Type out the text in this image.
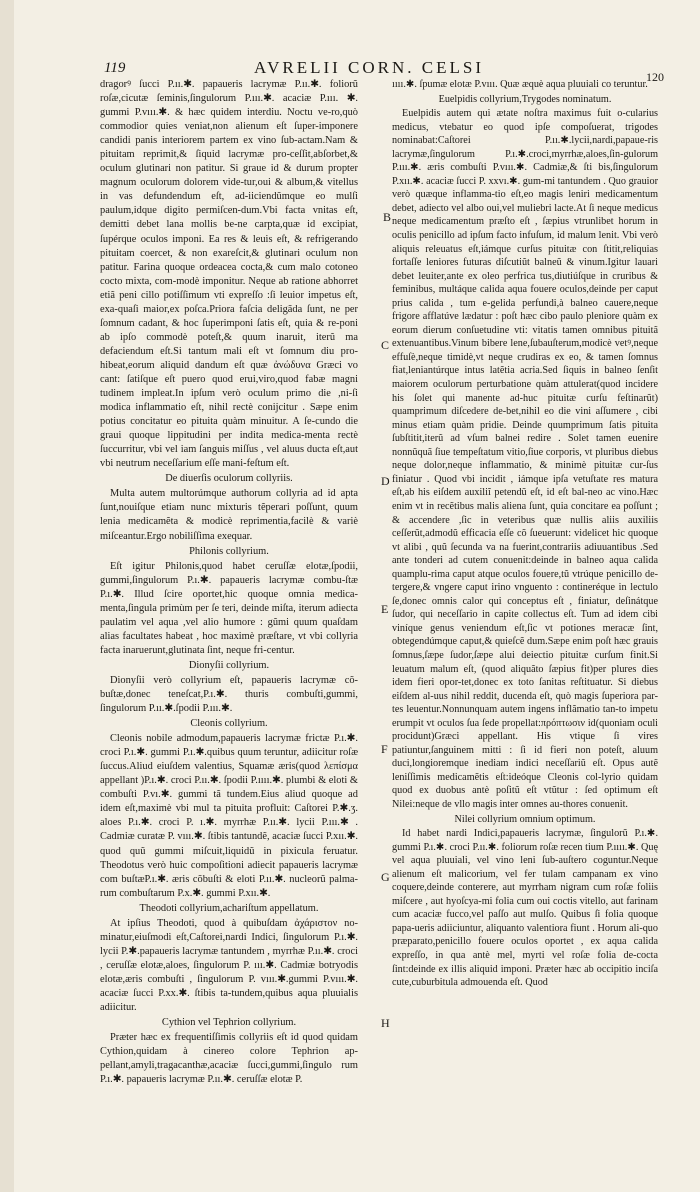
119	AVRELII CORN. CELSI	120

dragorꝰ ſucci P.ıı.✱. papaueris lacrymæ P.ıı.✱. foliorũ roſæ,cicutæ ſeminis,ſingulorum P.ııı.✱. acaciæ P.ııı. ✱. gummi P.vııı.✱. & hæc quidem interdiu. Noctu ve-ro,quò commodior quies veniat,non alienum eſt ſuper-imponere candidi panis interiorem partem ex vino ſub-actam.Nam & pituitam reprimit,& ſiquid lacrymæ pro-ceſſit,abſorbet,& oculum glutinari non patitur. Si graue id & durum propter magnum oculorum dolorem vide-tur,oui & album,& vitellus in vas defundendum eſt, ad-iiciendũmque eo mulſi paulum,idque digito permiſcen-dum.Vbi facta vnitas eſt, demitti debet lana mollis be-ne carpta,quæ id excipiat, ſupérque oculos imponi. Ea res & leuis eſt, & refrigerando pituitam coercet, & non exareſcit,& glutinari oculum non patitur. Farina quoque ordeacea cocta,& cum malo cotoneo cocto mixta, com-modè imponitur. Neque ab ratione abhorret etiã peni cillo potiſſimum vti expreſſo :ſi leuior impetus eſt, exa-quaſi maior,ex poſca.Priora faſcia deligãda ſunt, ne per ſomnum cadant, & hoc ſuperimponi ſatis eſt, quia & re-poni ab ipſo commodè poteſt,& quum inaruit, iterũ ma defaciendum eſt.Si tantum mali eſt vt ſomnum diu pro-hibeat,eorum aliquid dandum eſt quæ ἀνώδυνα Græci vo cant: ſatiſque eſt puero quod erui,viro,quod fabæ magni tudinem impleat.In ipſum verò oculum primo die ,ni-ſi modica inflammatio eſt, nihil rectè conĳcitur . Sæpe enim potius concitatur eo pituita quàm minuitur. A ſe-cundo die graui quoque lippitudini per indita medica-menta rectè ſuccurritur, vbi vel iam ſanguis miſſus , vel aluus ducta eſt,aut vbi neutrum neceſſarium eſſe mani-feſtum eſt.

De diuerſis oculorum collyriis.

Multa autem multorúmque authorum collyria ad id apta ſunt,nouiſque etiam nunc mixturis tẽperari poſſunt, quum lenia medicamẽta & modicè reprimentia,facilè & variè miſceantur.Ergo nobiliſſima exequar.

Philonis collyrium.

Eſt igitur Philonis,quod habet ceruſſæ elotæ,ſpodii, gummi,ſingulorum P.ı.✱. papaueris lacrymæ combu-ſtæ P.ı.✱. Illud ſcire oportet,hic quoque omnia medica-menta,ſingula primùm per ſe teri, deinde miſta, iterum adiecta paulatim vel aqua ,vel alio humore : gũmi quum quaſdam alias facultates habeat , hoc maximè præſtare, vt vbi collyria facta inaruerunt,glutinata ſint, neque fri-centur.

Dionyſii collyrium.

Dionyſii verò collyrium eſt, papaueris lacrymæ cõ-buſtæ,donec teneſcat,P.ı.✱. thuris combuſti,gummi, ſingulorum P.ıı.✱.ſpodii P.ııı.✱.

Cleonis collyrium.

Cleonis nobile admodum,papaueris lacrymæ frictæ P.ı.✱. croci P.ı.✱. gummi P.ı.✱.quibus quum teruntur, adiicitur roſæ ſuccus.Aliud eiuſdem valentius, Squamæ æris(quod λεπίσμα appellant )P.ı.✱. croci P.ıı.✱. ſpodii P.ıııı.✱. plumbi & eloti & combuſti P.vı.✱. gummi tã tundem.Eius aliud quoque ad idem eſt,maximè vbi mul ta pituita profluit: Caſtorei P.✱.ʒ. aloes P.ı.✱. croci P. ı.✱. myrrhæ P.ıı.✱. lycii P.ııı.✱ . Cadmiæ curatæ P. vııı.✱. ſtibis tantundẽ, acaciæ ſucci P.xıı.✱. quod quũ gummi miſcuit,liquidũ in pixicula feruatur. Theodotus verò huic compoſitioni adiecit papaueris lacrymæ com buſtæP.ı.✱. æris cõbuſti & eloti P.ıı.✱. nucleorũ palma-rum combuſtarum P.x.✱. gummi P.xıı.✱.

Theodoti collyrium,achariſtum appellatum.

At ipſius Theodoti, quod à quibuſdam ἀχάριστον no-minatur,eiuſmodi eſt,Caſtorei,nardi Indici, ſingulorum P.ı.✱. lycii P.✱.papaueris lacrymæ tantundem , myrrhæ P.ıı.✱. croci , ceruſſæ elotæ,aloes, ſingulorum P. ııı.✱. Cadmiæ botryodis elotæ,æris combuſti , ſingulorum P. vııı.✱.gummi P.vııı.✱. acaciæ ſucci P.xx.✱. ſtibis ta-tundem,quibus aqua pluuialis adiicitur.

Cythion vel Tephrion collyrium.

Præter hæc ex frequentiſſimis collyriis eſt id quod quidam Cythion,quidam à cinereo colore Tephrion ap-pellant,amyli,tragacanthæ,acaciæ ſucci,gummi,ſingulo rum P.ı.✱. papaueris lacrymæ P.ıı.✱. ceruſſæ elotæ P.

ıııı.✱. ſpumæ elotæ P.vııı. Quæ æquè aqua pluuiali co teruntur.

Euelpidis collyrium,Trygodes nominatum.

Euelpidis autem qui ætate noſtra maximus fuit o-cularius medicus, vtebatur eo quod ipſe compoſuerat, trigodes nominabat:Caſtorei P.ıı.✱.lycii,nardi,papaue-ris lacrymæ,ſingulorum P.ı.✱.croci,myrrhæ,aloes,ſin-gulorum P.ııı.✱. æris combuſti P.vııı.✱. Cadmiæ,& ſti bis,ſingulorum P.xıı.✱. acaciæ ſucci P. xxvı.✱. gum-mi tantundem . Quo grauior verò quæque inflamma-tio eſt,eo magis leniri medicamentum debet, adiecto vel albo oui,vel muliebri lacte.At ſi neque medicus neque medicamentum præſto eſt , ſæpius vtrunlibet horum in oculis penicillo ad ipſum facto infuſum, id malum lenit. Vbi verò aliquis releuatus eſt,iámque curſus pituitæ con ſtitit,reliquias fortaſſe leniores futuras diſcutiũt balneũ & vinum.Igitur lauari debet leuiter,ante ex oleo perfrica tus,diutiúſque in cruribus & feminibus, multáque calida aqua fouere oculos,deinde per caput prius calida , tum e-gelida perfundi,à balneo cauere,neque frigore afflatúve lædatur : poſt hæc cibo paulo pleniore quàm ex eorum dierum conſuetudine vti: vitatis tamen omnibus pituitã extenuantibus.Vinum bibere lene,ſubauſterum,modicè vetꝰ,neque effuſè,neque timidè,vt neque crudiras ex eo, & tamen ſomnus fiat,leniantúrque intus latẽtia acria.Sed ſiquis in balneo ſenſit maiorem oculorum perturbatione quàm attulerat(quod incidere his ſolet qui manente ad-huc pituitæ curſu feſtinarũt) quamprimum diſcedere de-bet,nihil eo die vini aſſumere , cibi minus etiam quàm pridie. Deinde quumprimum ſatis pituita ſubſtitit,iterũ ad vſum balnei redire . Solet tamen euenire nonnũquã ſiue tempeſtatum vitio,ſiue corporis, vt pluribus diebus neque dolor,neque inflammatio, & minimè pituitæ cur-ſus finiatur . Quod vbi incidit , iámque ipſa vetuſtate res matura eſt,ab his eiſdem auxiliĩ petendũ eſt, id eſt bal-neo ac vino.Hæc enim vt in recẽtibus malis aliena ſunt, quia concitare ea poſſunt ; & accendere ,ſic in veteribus quæ nullis aliis auxiliis ceſſerũt,admodũ efficacia eſſe cõ ſueuerunt: videlicet hic quoque vt alibi , quũ ſecunda va na fuerint,contrariis adiuuantibus .Sed ante tonderi ad cutem conuenit:deinde in balneo aqua calida quamplu-rima caput atque oculos fouere,tũ vtrúque penicillo de-tergere,& vngere caput irino vnguento : contineréque in lectulo ſe,donec omnis calor qui conceptus eſt , finiatur, deſinátque ſudor, qui neceſſario in capite collectus eſt. Tum ad idem cibi viníque genus veniendum eſt,ſic vt potiones meracæ ſint, obtegendúmque caput,& quieſcẽ dum.Sæpe enim poſt hæc grauis ſomnus,ſæpe ſudor,ſæpe alui deiectio pituitæ curſum finit.Si leuatum malum eſt, (quod aliquãto ſæpius fit)per plures dies idem fieri opor-tet,donec ex toto ſanitas reſtituatur. Si diebus eiſdem al-uus nihil reddit, ducenda eſt, quò magis ſuperiora par-tes leuentur.Nonnunquam autem ingens inflãmatio tan-to impetu erumpit vt oculos ſua ſede propellat:πρόπτωσιν id(quoniam oculi procidunt)Græci appellant. His vtique ſi vires patiuntur,ſanguinem mitti : ſi id fieri non poteſt, aluum duci,longioremque inediam indici neceſſariũ eſt. Opus autẽ leniſſimis medicamẽtis eſt:ideóque Cleonis col-lyrio quidam quod ex duobus antè poſitũ eſt vtũtur : ſed optimum eſt Nilei:neque de vllo magis inter omnes au-thores conuenit.

Nilei collyrium omnium optimum.

Id habet nardi Indici,papaueris lacrymæ, ſingulorũ P.ı.✱. gummi P.ı.✱. croci P.ıı.✱. foliorum roſæ recen tium P.ıııı.✱. Quę vel aqua pluuiali, vel vino leni ſub-auſtero coguntur.Neque alienum eſt malicorium, vel fer tulam campanam ex vino coquere,deinde conterere, aut myrrham nigram cum roſæ foliis miſcere , aut hyoſcya-mi folia cum oui coctis vitello, aut farinam cum acaciæ fucco,vel paſſo aut mulſo. Quibus ſi folia quoque papa-ueris adiiciuntur, aliquanto valentiora fiunt . Horum ali-quo præparato,penicillo fouere oculos oportet , ex aqua calida expreſſo, in qua antè mel, myrti vel roſæ folia de-cocta ſint:deinde ex illis aliquid imponi. Præter hæc ab occipitio inciſa cute,cuburbitula admouenda eſt. Quod

B
C
D
E
F
G
H
